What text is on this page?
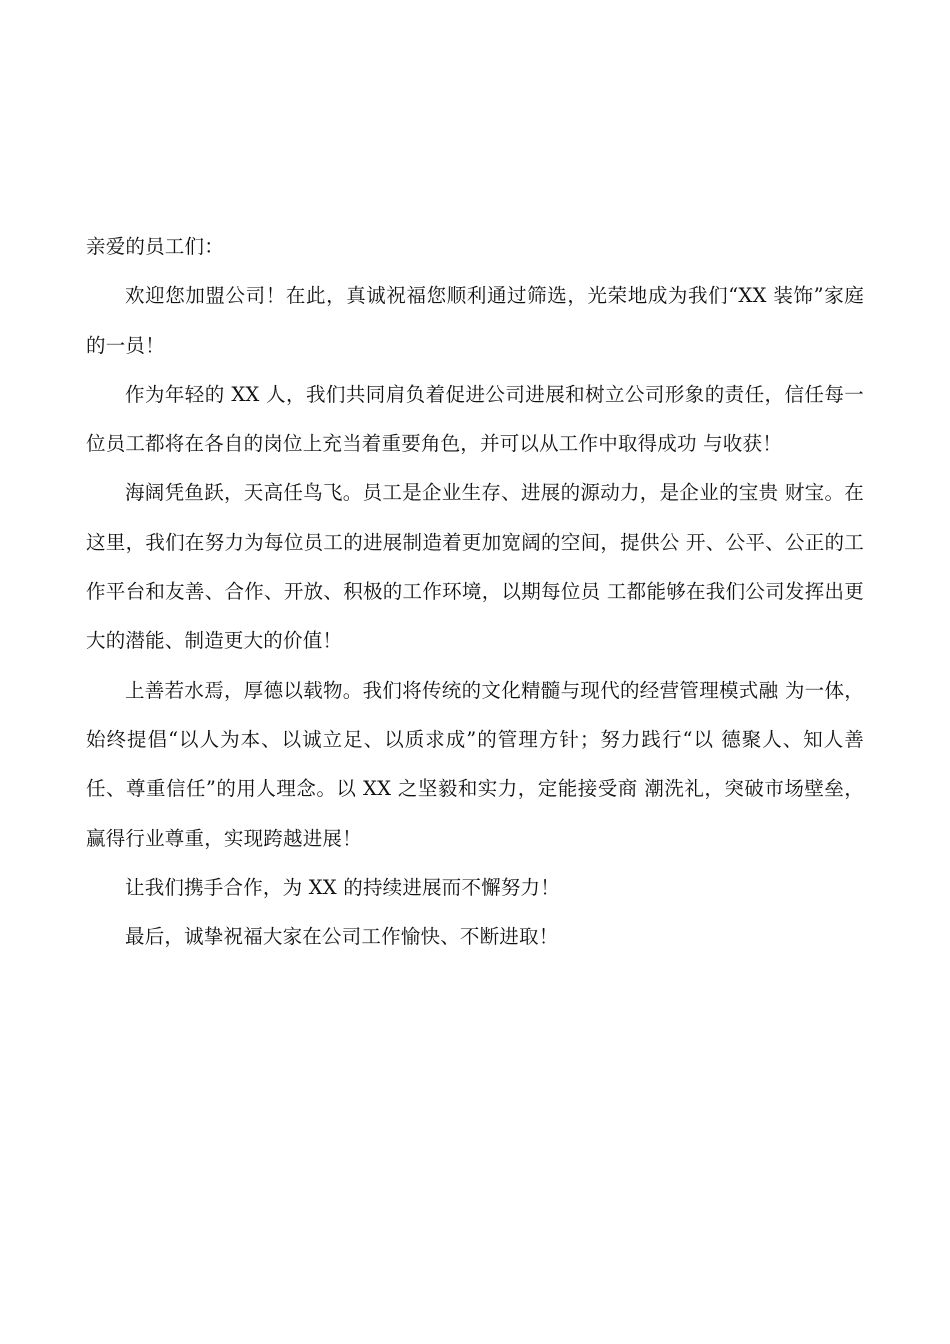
亲爱的员工们：

欢迎您加盟公司！在此，真诚祝福您顺利通过筛选，光荣地成为我们“XX 装饰”家庭的一员！

作为年轻的 XX 人，我们共同肩负着促进公司进展和树立公司形象的责任，信任每一位员工都将在各自的岗位上充当着重要角色，并可以从工作中取得成功 与收获！

海阔凭鱼跃，天高任鸟飞。员工是企业生存、进展的源动力，是企业的宝贵 财宝。在这里，我们在努力为每位员工的进展制造着更加宽阔的空间，提供公 开、公平、公正的工作平台和友善、合作、开放、积极的工作环境，以期每位员 工都能够在我们公司发挥出更大的潜能、制造更大的价值！

上善若水焉，厚德以载物。我们将传统的文化精髓与现代的经营管理模式融 为一体，始终提倡“以人为本、以诚立足、以质求成”的管理方针；努力践行“以 德聚人、知人善任、尊重信任”的用人理念。以 XX 之坚毅和实力，定能接受商 潮洗礼，突破市场壁垒，赢得行业尊重，实现跨越进展！

让我们携手合作，为 XX 的持续进展而不懈努力！

最后，诚挚祝福大家在公司工作愉快、不断进取！
